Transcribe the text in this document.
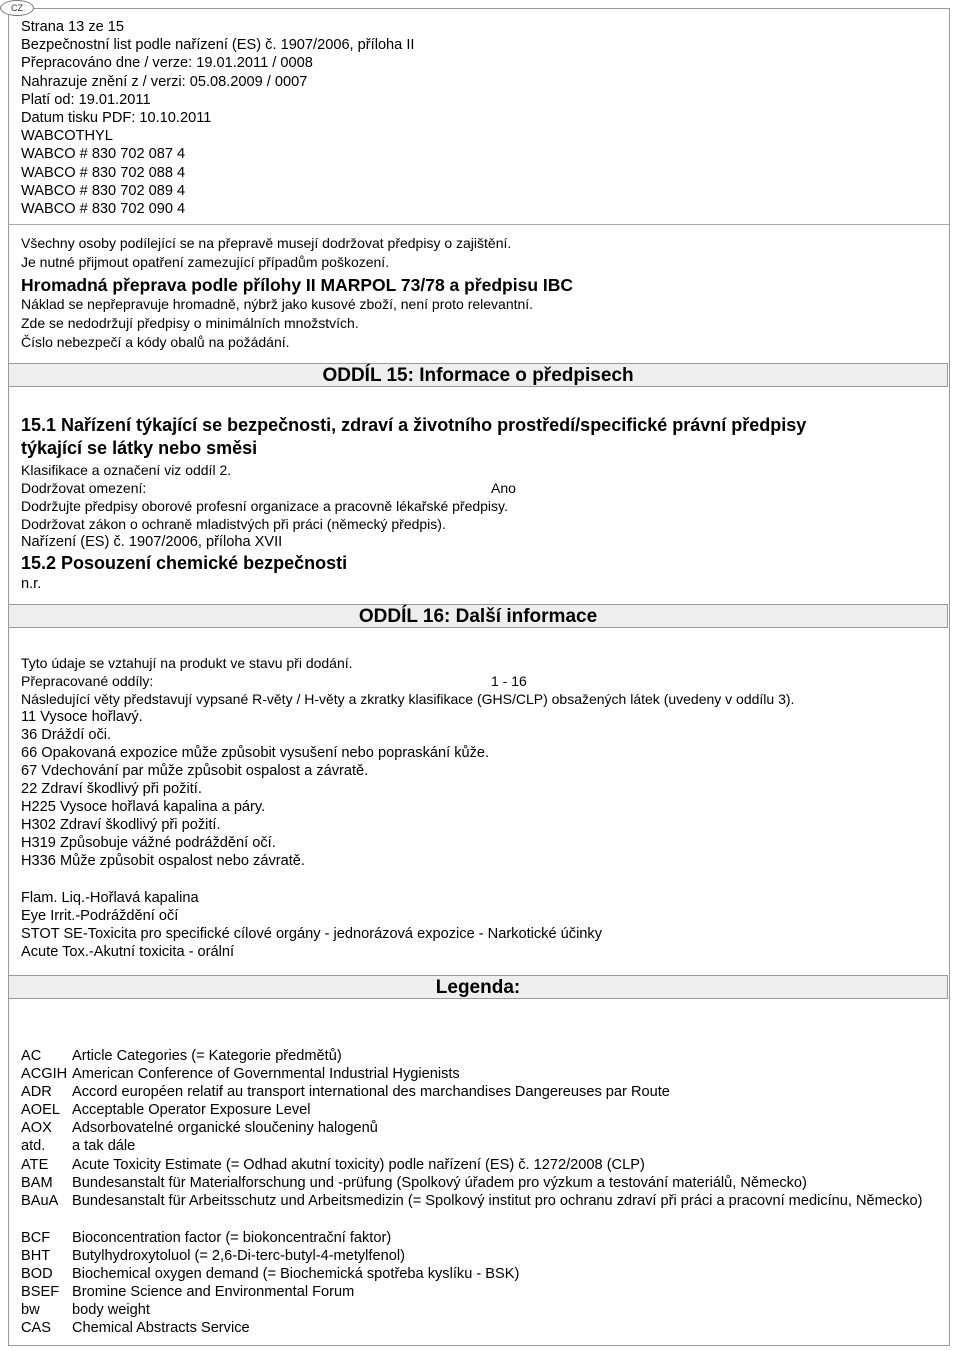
CZ
Strana 13 ze 15
Bezpečnostní list podle nařízení (ES) č. 1907/2006, příloha II
Přepracováno dne / verze: 19.01.2011 / 0008
Nahrazuje znění z / verzi: 05.08.2009 / 0007
Platí od: 19.01.2011
Datum tisku PDF: 10.10.2011
WABCOTHYL
WABCO # 830 702 087 4
WABCO # 830 702 088 4
WABCO # 830 702 089 4
WABCO # 830 702 090 4
Všechny osoby podílející se na přepravě musejí dodržovat předpisy o zajištění.
Je nutné přijmout opatření zamezující případům poškození.
Hromadná přeprava podle přílohy II MARPOL 73/78 a předpisu IBC
Náklad se nepřepravuje hromadně, nýbrž jako kusové zboží, není proto relevantní.
Zde se nedodržují předpisy o minimálních množstvích.
Číslo nebezpečí a kódy obalů na požádání.
ODDÍL 15: Informace o předpisech
15.1 Nařízení týkající se bezpečnosti, zdraví a životního prostředí/specifické právní předpisy
týkající se látky nebo směsi
Klasifikace a označení viz oddíl 2.
Dodržovat omezení:	Ano
Dodržujte předpisy oborové profesní organizace a pracovně lékařské předpisy.
Dodržovat zákon o ochraně mladistvých při práci (německý předpis).
Nařízení (ES) č. 1907/2006, příloha XVII
15.2 Posouzení chemické bezpečnosti
n.r.
ODDÍL 16: Další informace
Tyto údaje se vztahují na produkt ve stavu při dodání.
Přepracované oddíly:	1 - 16
Následující věty představují vypsané R-věty / H-věty a zkratky klasifikace (GHS/CLP) obsažených látek (uvedeny v oddílu 3).
11 Vysoce hořlavý.
36 Dráždí oči.
66 Opakovaná expozice může způsobit vysušení nebo popraskání kůže.
67 Vdechování par může způsobit ospalost a závratě.
22 Zdraví škodlivý při požití.
H225 Vysoce hořlavá kapalina a páry.
H302 Zdraví škodlivý při požití.
H319 Způsobuje vážné podráždění očí.
H336 Může způsobit ospalost nebo závratě.
Flam. Liq.-Hořlavá kapalina
Eye Irrit.-Podráždění očí
STOT SE-Toxicita pro specifické cílové orgány - jednorázová expozice - Narkotické účinky
Acute Tox.-Akutní toxicita - orální
Legenda:
AC Article Categories (= Kategorie předmětů)
ACGIH American Conference of Governmental Industrial Hygienists
ADR Accord européen relatif au transport international des marchandises Dangereuses par Route
AOEL Acceptable Operator Exposure Level
AOX Adsorbovatelné organické sloučeniny halogenů
atd. a tak dále
ATE Acute Toxicity Estimate (= Odhad akutní toxicity) podle nařízení (ES) č. 1272/2008 (CLP)
BAM Bundesanstalt für Materialforschung und -prüfung (Spolkový úřadem pro výzkum a testování materiálů, Německo)
BAuA Bundesanstalt für Arbeitsschutz und Arbeitsmedizin (= Spolkový institut pro ochranu zdraví při práci a pracovní medicínu, Německo)
BCF Bioconcentration factor (= biokoncentrační faktor)
BHT Butylhydroxytoluol (= 2,6-Di-terc-butyl-4-metylfenol)
BOD Biochemical oxygen demand (= Biochemická spotřeba kyslíku - BSK)
BSEF Bromine Science and Environmental Forum
bw body weight
CAS Chemical Abstracts Service
